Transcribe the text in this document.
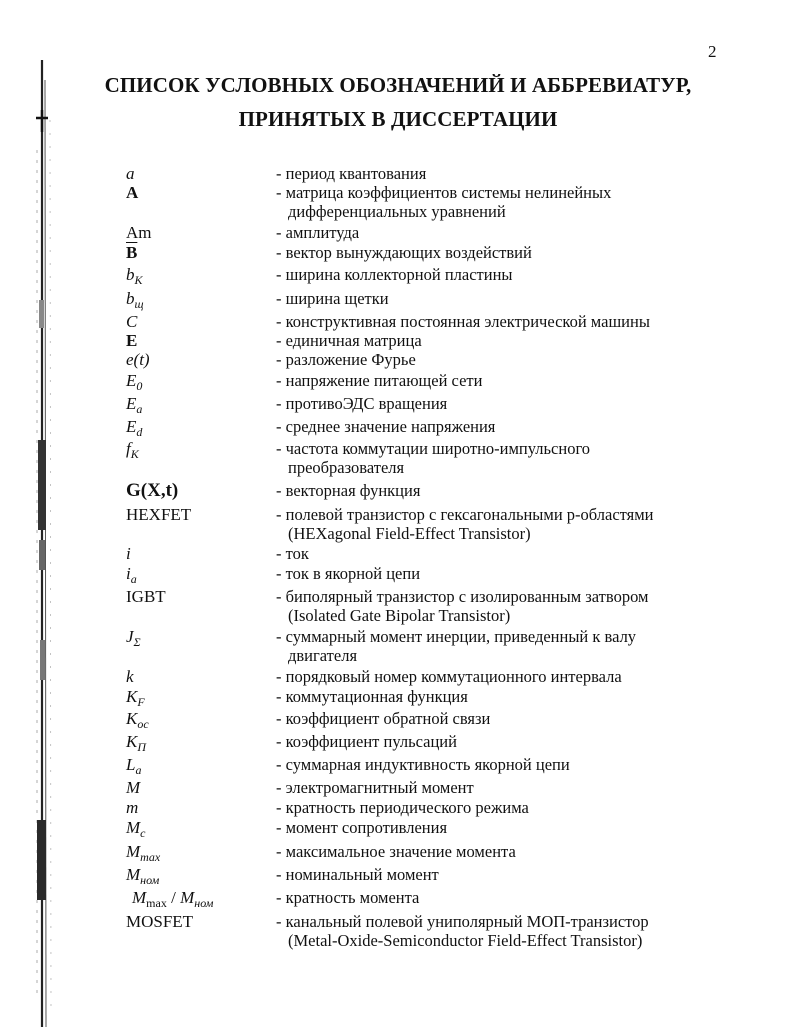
2
СПИСОК УСЛОВНЫХ ОБОЗНАЧЕНИЙ И АББРЕВИАТУР,
ПРИНЯТЫХ В ДИССЕРТАЦИИ
a	- период квантования
A	- матрица коэффициентов системы нелинейных
дифференциальных уравнений
Am	- амплитуда
$\overline{B}$	- вектор вынуждающих воздействий
$b_К$	- ширина коллекторной пластины
$b_щ$	- ширина щетки
C	- конструктивная постоянная электрической машины
E	- единичная матрица
e(t)	- разложение Фурье
$E_0$	- напряжение питающей сети
$E_a$	- противоЭДС вращения
$E_d$	- среднее значение напряжения
$f_К$	- частота коммутации широтно-импульсного
преобразователя
G(X,t)	- векторная функция
HEXFET	- полевой транзистор с гексагональными р-областями
(HEXagonal Field-Effect Transistor)
i	- ток
$i_a$	- ток в якорной цепи
IGBT	- биполярный транзистор с изолированным затвором
(Isolated Gate Bipolar Transistor)
$J_\Sigma$	- суммарный момент инерции, приведенный к валу
двигателя
k	- порядковый номер коммутационного интервала
$K_F$	- коммутационная функция
$K_{ос}$	- коэффициент обратной связи
$K_П$	- коэффициент пульсаций
$L_a$	- суммарная индуктивность якорной цепи
M	- электромагнитный момент
m	- кратность периодического режима
$M_c$	- момент сопротивления
$M_{max}$	- максимальное значение момента
$M_{ном}$	- номинальный момент
$M_{max} / M_{ном}$	- кратность момента
MOSFET	- канальный полевой униполярный МОП-транзистор
(Metal-Oxide-Semiconductor Field-Effect Transistor)
